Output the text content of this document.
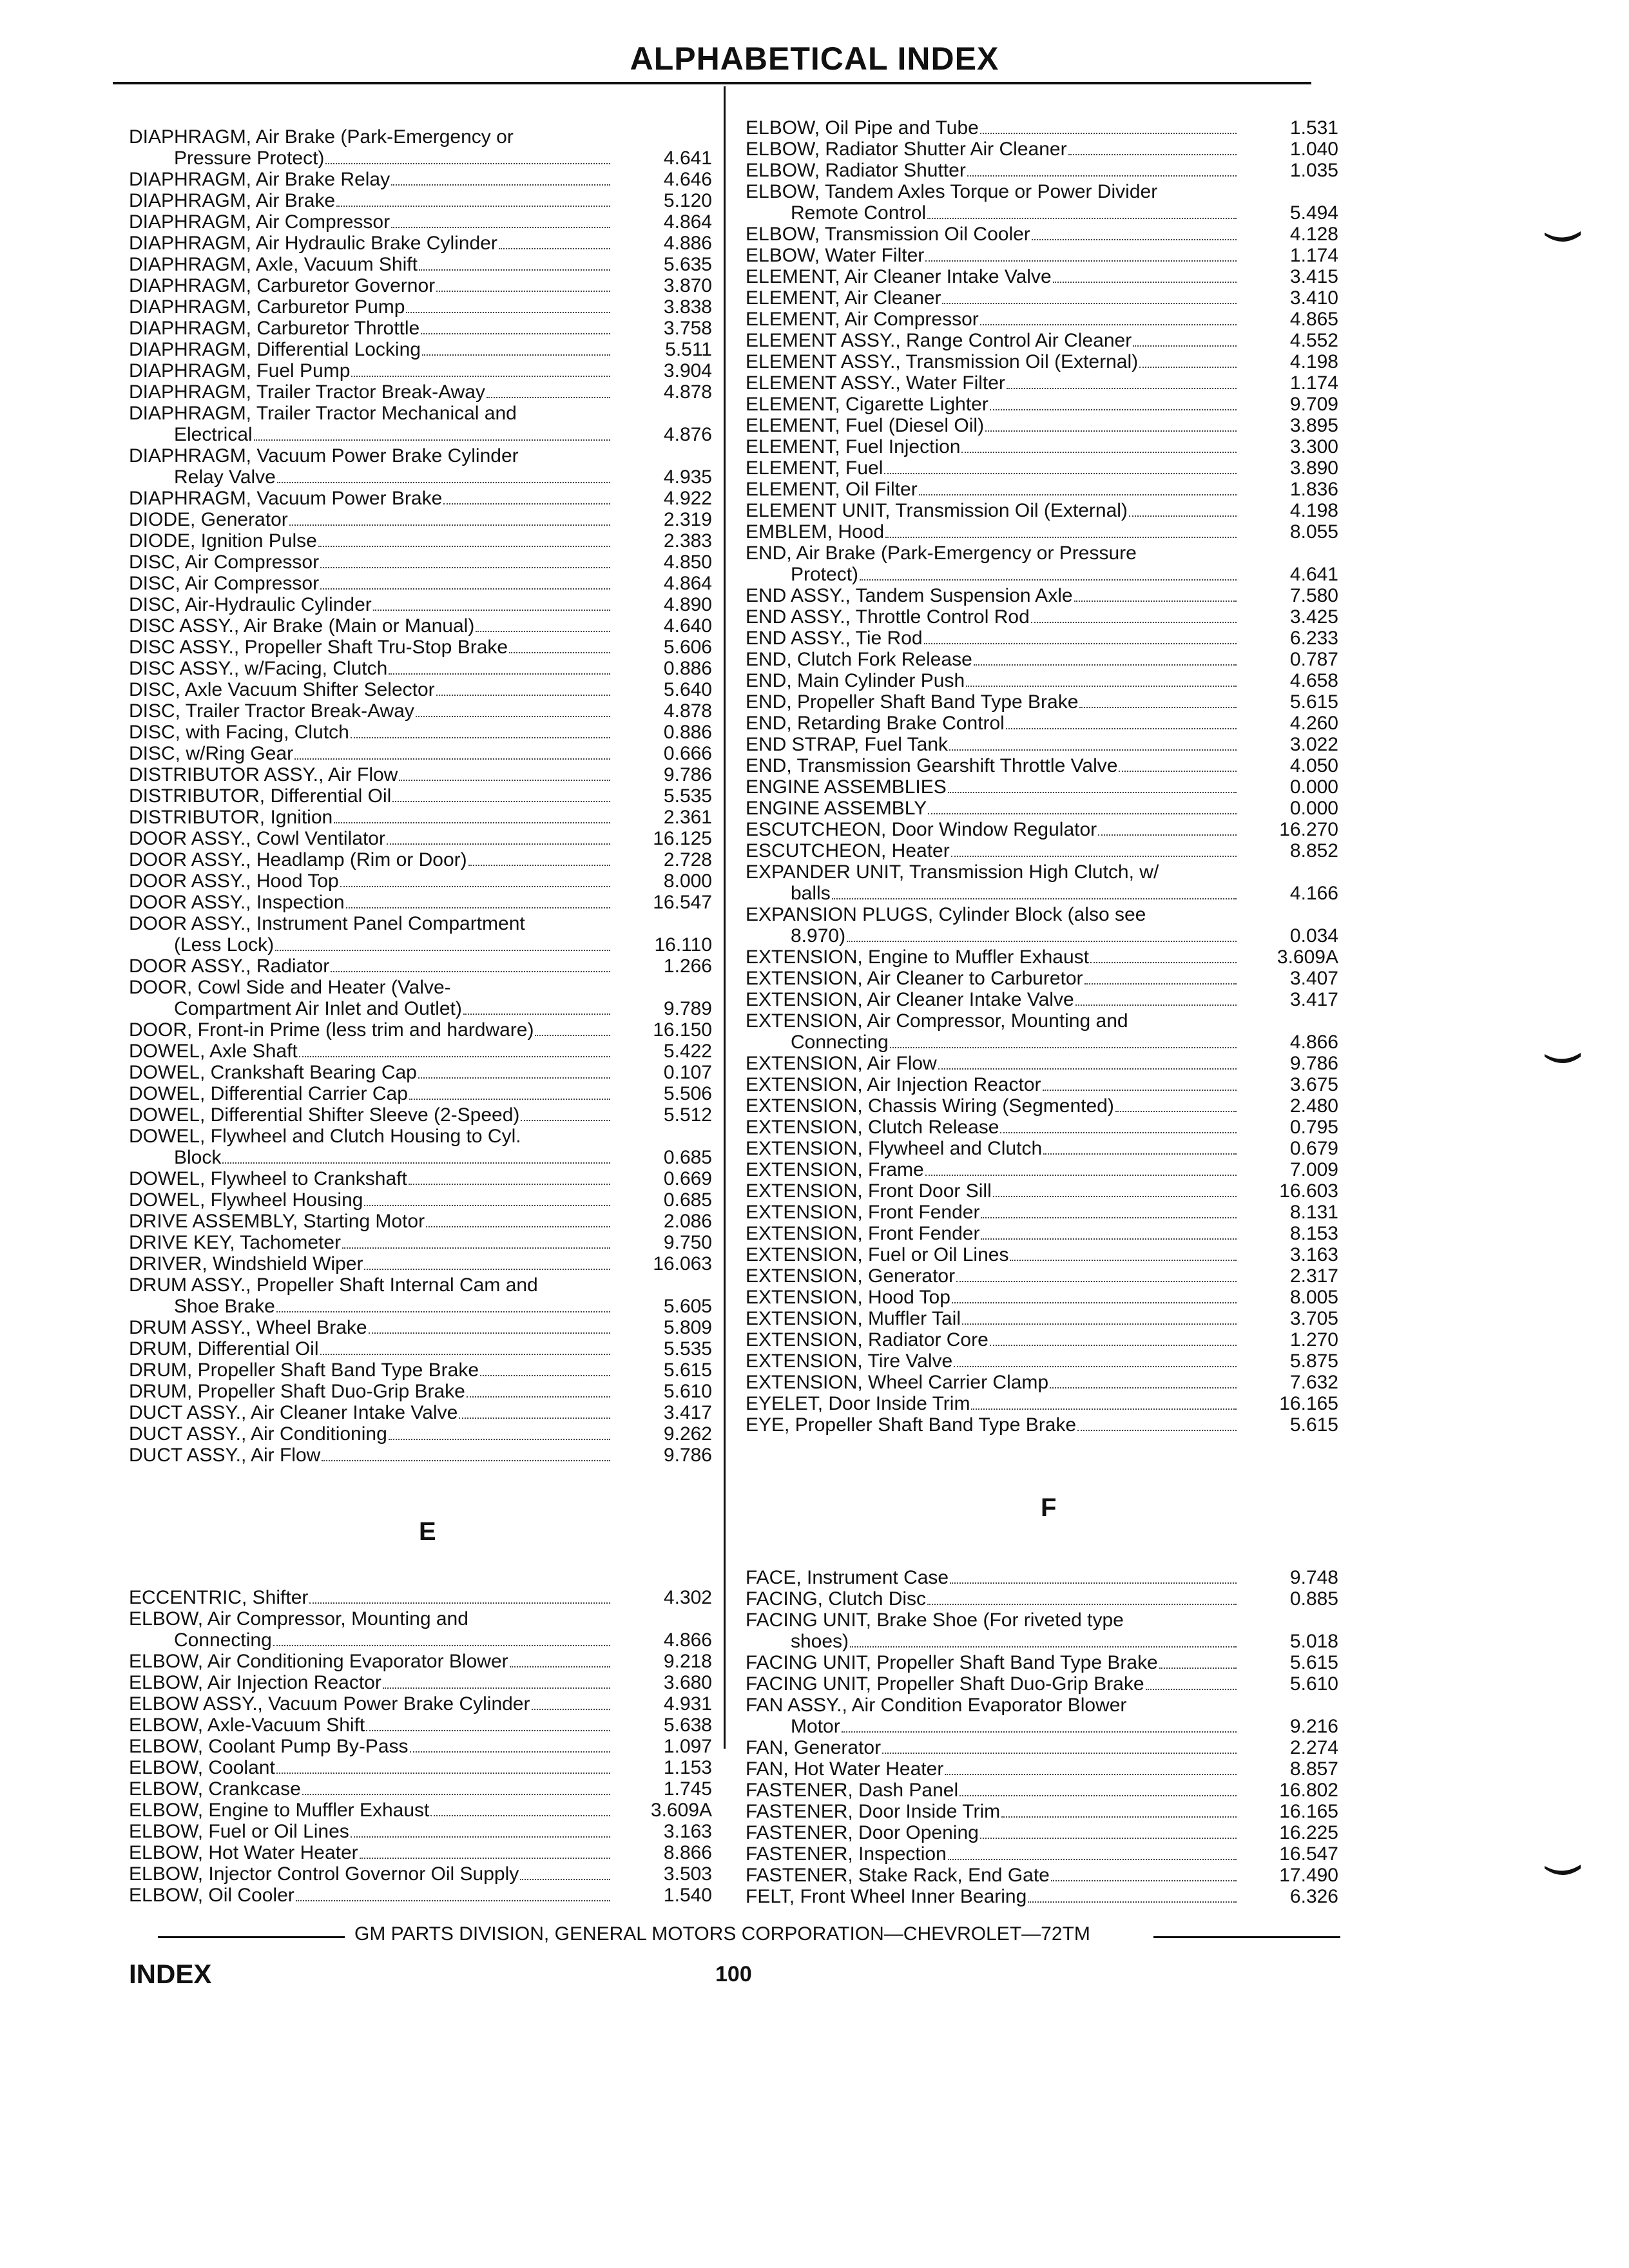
ALPHABETICAL INDEX
DIAPHRAGM, Air Brake (Park-Emergency or
Pressure Protect)	4.641
DIAPHRAGM, Air Brake Relay	4.646
DIAPHRAGM, Air Brake	5.120
DIAPHRAGM, Air Compressor	4.864
DIAPHRAGM, Air Hydraulic Brake Cylinder	4.886
DIAPHRAGM, Axle, Vacuum Shift	5.635
DIAPHRAGM, Carburetor Governor	3.870
DIAPHRAGM, Carburetor Pump	3.838
DIAPHRAGM, Carburetor Throttle	3.758
DIAPHRAGM, Differential Locking	5.511
DIAPHRAGM, Fuel Pump	3.904
DIAPHRAGM, Trailer Tractor Break-Away	4.878
DIAPHRAGM, Trailer Tractor Mechanical and
Electrical	4.876
DIAPHRAGM, Vacuum Power Brake Cylinder
Relay Valve	4.935
DIAPHRAGM, Vacuum Power Brake	4.922
DIODE, Generator	2.319
DIODE, Ignition Pulse	2.383
DISC, Air Compressor	4.850
DISC, Air Compressor	4.864
DISC, Air-Hydraulic Cylinder	4.890
DISC ASSY., Air Brake (Main or Manual)	4.640
DISC ASSY., Propeller Shaft Tru-Stop Brake	5.606
DISC ASSY., w/Facing, Clutch	0.886
DISC, Axle Vacuum Shifter Selector	5.640
DISC, Trailer Tractor Break-Away	4.878
DISC, with Facing, Clutch	0.886
DISC, w/Ring Gear	0.666
DISTRIBUTOR ASSY., Air Flow	9.786
DISTRIBUTOR, Differential Oil	5.535
DISTRIBUTOR, Ignition	2.361
DOOR ASSY., Cowl Ventilator	16.125
DOOR ASSY., Headlamp (Rim or Door)	2.728
DOOR ASSY., Hood Top	8.000
DOOR ASSY., Inspection	16.547
DOOR ASSY., Instrument Panel Compartment
(Less Lock)	16.110
DOOR ASSY., Radiator	1.266
DOOR, Cowl Side and Heater (Valve-
Compartment Air Inlet and Outlet)	9.789
DOOR, Front-in Prime (less trim and hardware)	16.150
DOWEL, Axle Shaft	5.422
DOWEL, Crankshaft Bearing Cap	0.107
DOWEL, Differential Carrier Cap	5.506
DOWEL, Differential Shifter Sleeve (2-Speed)	5.512
DOWEL, Flywheel and Clutch Housing to Cyl.
Block	0.685
DOWEL, Flywheel to Crankshaft	0.669
DOWEL, Flywheel Housing	0.685
DRIVE ASSEMBLY, Starting Motor	2.086
DRIVE KEY, Tachometer	9.750
DRIVER, Windshield Wiper	16.063
DRUM ASSY., Propeller Shaft Internal Cam and
Shoe Brake	5.605
DRUM ASSY., Wheel Brake	5.809
DRUM, Differential Oil	5.535
DRUM, Propeller Shaft Band Type Brake	5.615
DRUM, Propeller Shaft Duo-Grip Brake	5.610
DUCT ASSY., Air Cleaner Intake Valve	3.417
DUCT ASSY., Air Conditioning	9.262
DUCT ASSY., Air Flow	9.786
E
ECCENTRIC, Shifter	4.302
ELBOW, Air Compressor, Mounting and
Connecting	4.866
ELBOW, Air Conditioning Evaporator Blower	9.218
ELBOW, Air Injection Reactor	3.680
ELBOW ASSY., Vacuum Power Brake Cylinder	4.931
ELBOW, Axle-Vacuum Shift	5.638
ELBOW, Coolant Pump By-Pass	1.097
ELBOW, Coolant	1.153
ELBOW, Crankcase	1.745
ELBOW, Engine to Muffler Exhaust	3.609A
ELBOW, Fuel or Oil Lines	3.163
ELBOW, Hot Water Heater	8.866
ELBOW, Injector Control Governor Oil Supply	3.503
ELBOW, Oil Cooler	1.540
ELBOW, Oil Pipe and Tube	1.531
ELBOW, Radiator Shutter Air Cleaner	1.040
ELBOW, Radiator Shutter	1.035
ELBOW, Tandem Axles Torque or Power Divider
Remote Control	5.494
ELBOW, Transmission Oil Cooler	4.128
ELBOW, Water Filter	1.174
ELEMENT, Air Cleaner Intake Valve	3.415
ELEMENT, Air Cleaner	3.410
ELEMENT, Air Compressor	4.865
ELEMENT ASSY., Range Control Air Cleaner	4.552
ELEMENT ASSY., Transmission Oil (External)	4.198
ELEMENT ASSY., Water Filter	1.174
ELEMENT, Cigarette Lighter	9.709
ELEMENT, Fuel (Diesel Oil)	3.895
ELEMENT, Fuel Injection	3.300
ELEMENT, Fuel	3.890
ELEMENT, Oil Filter	1.836
ELEMENT UNIT, Transmission Oil (External)	4.198
EMBLEM, Hood	8.055
END, Air Brake (Park-Emergency or Pressure
Protect)	4.641
END ASSY., Tandem Suspension Axle	7.580
END ASSY., Throttle Control Rod	3.425
END ASSY., Tie Rod	6.233
END, Clutch Fork Release	0.787
END, Main Cylinder Push	4.658
END, Propeller Shaft Band Type Brake	5.615
END, Retarding Brake Control	4.260
END STRAP, Fuel Tank	3.022
END, Transmission Gearshift Throttle Valve	4.050
ENGINE ASSEMBLIES	0.000
ENGINE ASSEMBLY	0.000
ESCUTCHEON, Door Window Regulator	16.270
ESCUTCHEON, Heater	8.852
EXPANDER UNIT, Transmission High Clutch, w/
balls	4.166
EXPANSION PLUGS, Cylinder Block (also see
8.970)	0.034
EXTENSION, Engine to Muffler Exhaust	3.609A
EXTENSION, Air Cleaner to Carburetor	3.407
EXTENSION, Air Cleaner Intake Valve	3.417
EXTENSION, Air Compressor, Mounting and
Connecting	4.866
EXTENSION, Air Flow	9.786
EXTENSION, Air Injection Reactor	3.675
EXTENSION, Chassis Wiring (Segmented)	2.480
EXTENSION, Clutch Release	0.795
EXTENSION, Flywheel and Clutch	0.679
EXTENSION, Frame	7.009
EXTENSION, Front Door Sill	16.603
EXTENSION, Front Fender	8.131
EXTENSION, Front Fender	8.153
EXTENSION, Fuel or Oil Lines	3.163
EXTENSION, Generator	2.317
EXTENSION, Hood Top	8.005
EXTENSION, Muffler Tail	3.705
EXTENSION, Radiator Core	1.270
EXTENSION, Tire Valve	5.875
EXTENSION, Wheel Carrier Clamp	7.632
EYELET, Door Inside Trim	16.165
EYE, Propeller Shaft Band Type Brake	5.615
F
FACE, Instrument Case	9.748
FACING, Clutch Disc	0.885
FACING UNIT, Brake Shoe (For riveted type
shoes)	5.018
FACING UNIT, Propeller Shaft Band Type Brake	5.615
FACING UNIT, Propeller Shaft Duo-Grip Brake	5.610
FAN ASSY., Air Condition Evaporator Blower
Motor	9.216
FAN, Generator	2.274
FAN, Hot Water Heater	8.857
FASTENER, Dash Panel	16.802
FASTENER, Door Inside Trim	16.165
FASTENER, Door Opening	16.225
FASTENER, Inspection	16.547
FASTENER, Stake Rack, End Gate	17.490
FELT, Front Wheel Inner Bearing	6.326
GM PARTS DIVISION, GENERAL MOTORS CORPORATION—CHEVROLET—72TM
INDEX	100
